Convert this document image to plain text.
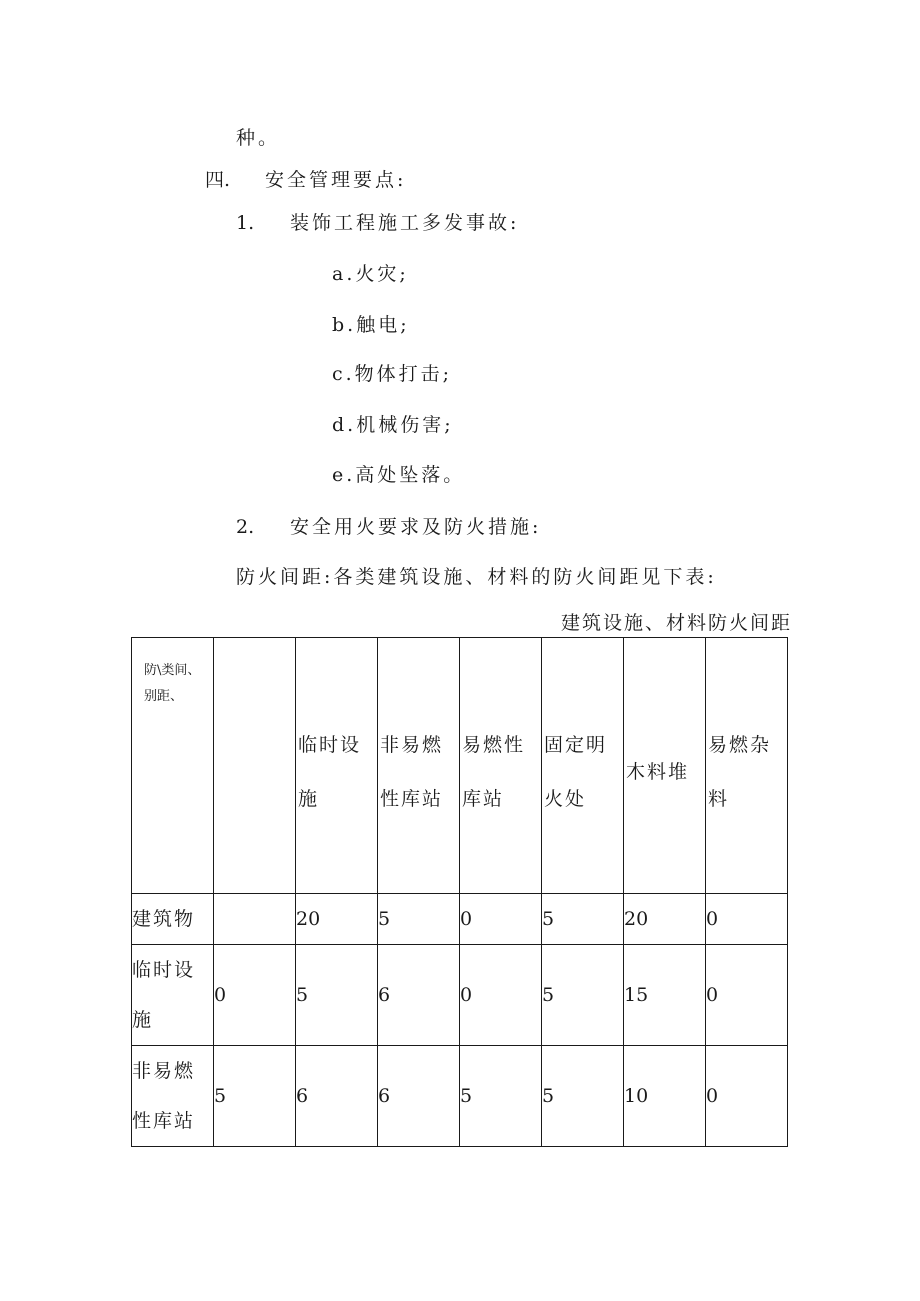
种。
四. 安全管理要点:
1. 装饰工程施工多发事故:
a.火灾;
b.触电;
c.物体打击;
d.机械伤害;
e.高处坠落。
2. 安全用火要求及防火措施:
防火间距:各类建筑设施、材料的防火间距见下表:
建筑设施、材料防火间距
防\类间、
别距、		临时设施	非易燃性库站	易燃性库站	固定明火处	木料堆	易燃杂料
建筑物		20	5	0	5	20	0
临时设施	0	5	6	0	5	15	0
非易燃性库站	5	6	6	5	5	10	0
